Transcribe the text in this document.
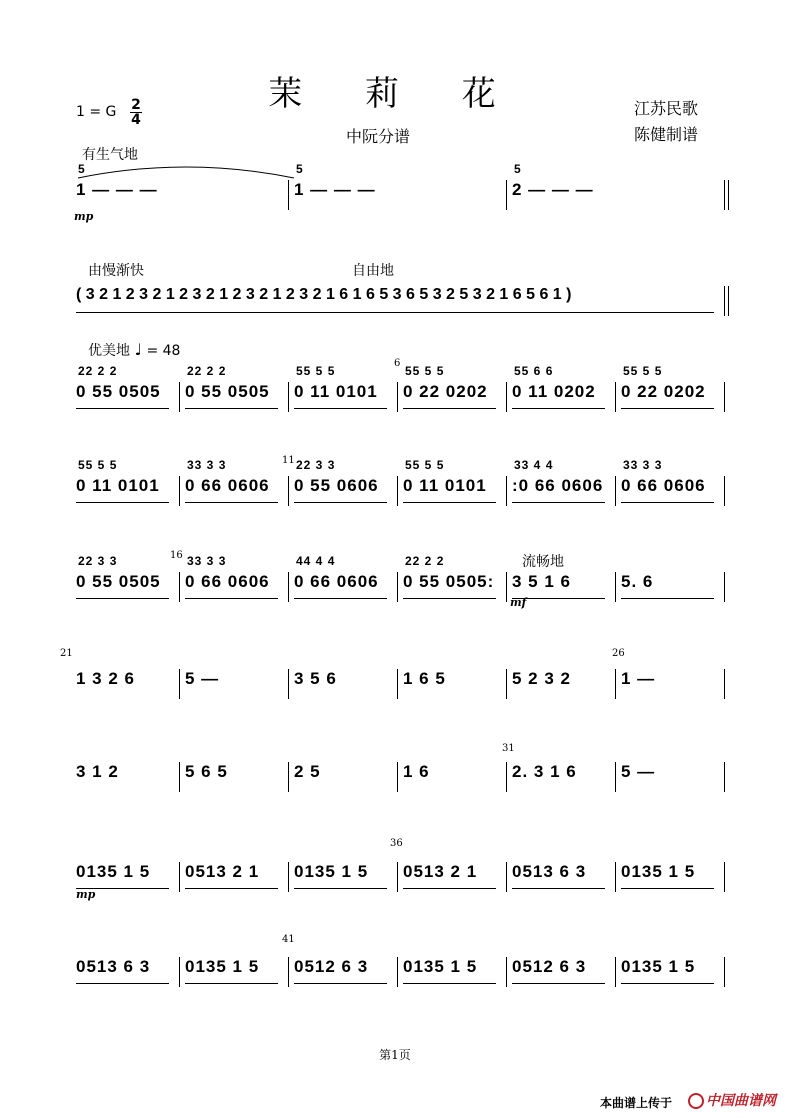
茉 莉 花
中阮分谱
江苏民歌
陈健制谱
1 = G 2
4
有生气地
由慢渐快	自由地
优美地 ♩ = 48
流畅地
5
1 — — —
5
1 — — —
5
2 — — —
( 3 2 1 2 3 2 1 2 3 2 1 2 3 2 1 2 3 2 1 6 1 6 5 3 6 5 3 2 5 3 2 1 6 5 6 1 )
22 2 2
0 55 0505
22 2 2
0 55 0505
55 5 5
0 11 0101
55 5 5
0 22 0202
55 6 6
0 11 0202
55 5 5
0 22 0202
55 5 5
0 11 0101
33 3 3
0 66 0606
22 3 3
0 55 0606
55 5 5
0 11 0101
33 4 4
:0 66 0606
33 3 3
0 66 0606
22 3 3
0 55 0505
33 3 3
0 66 0606
44 4 4
0 66 0606
22 2 2
0 55 0505: 3 5 1 6	5. 6
1 3 2 6	5 —	3 5 6	1 6 5	5 2 3 2	1 —
3 1 2	5 6 5	2 5	1 6	2. 3 1 6	5 —
0135 1 5 0513 2 1 0135 1 5 0513 2 1 0513 6 3 0135 1 5
0513 6 3 0135 1 5 0512 6 3 0135 1 5 0512 6 3 0135 1 5
第1页
本曲谱上传于	中国曲谱网
6
11
16
21	26
31
36
41
mp
mf
mp
